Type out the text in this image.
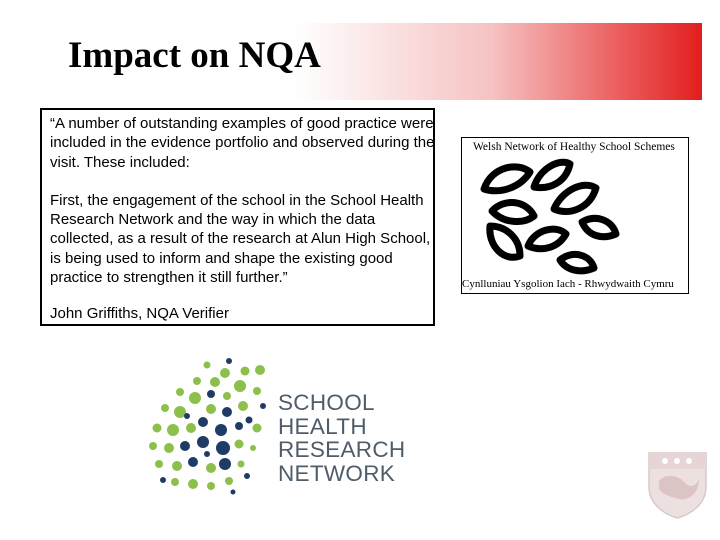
Impact on NQA

“A number of outstanding examples of good practice were included in the evidence portfolio and observed during the visit. These included:

First, the engagement of the school in the School Health Research Network and the way in which the data collected, as a result of the research at Alun High School, is being used to inform and shape the existing good practice to strengthen it still further.”

John Griffiths, NQA Verifier

Welsh Network of Healthy School Schemes
Cynlluniau Ysgolion Iach - Rhwydwaith Cymru
SCHOOL
HEALTH
RESEARCH
NETWORK
